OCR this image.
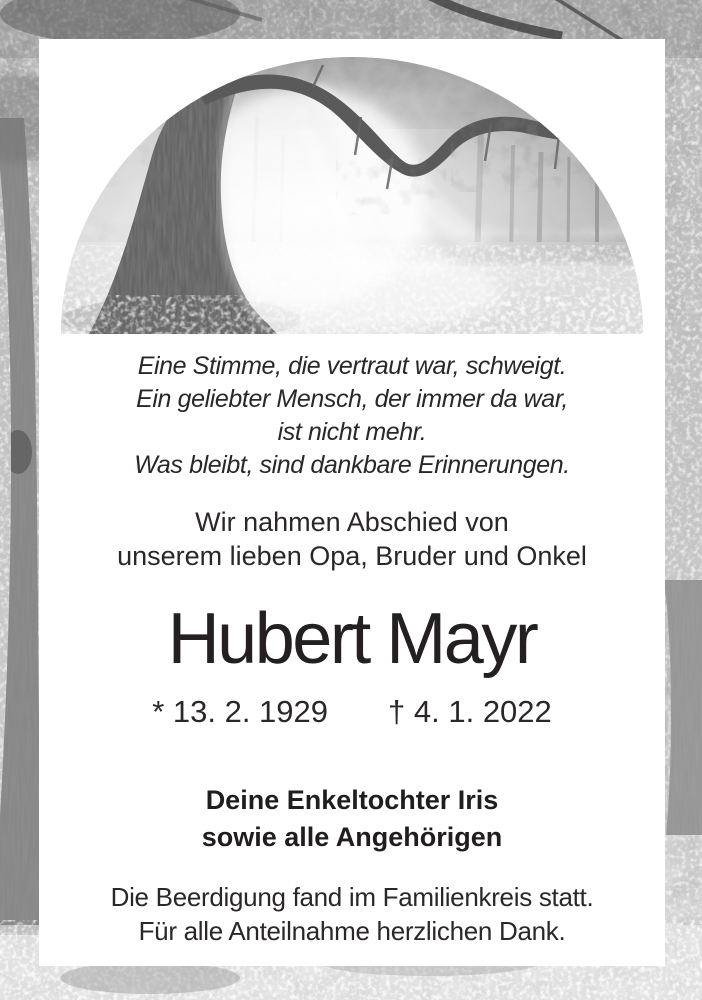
Eine Stimme, die vertraut war, schweigt.
Ein geliebter Mensch, der immer da war,
ist nicht mehr.
Was bleibt, sind dankbare Erinnerungen.
Wir nahmen Abschied von
unserem lieben Opa, Bruder und Onkel
Hubert Mayr
* 13. 2. 1929 † 4. 1. 2022
Deine Enkeltochter Iris
sowie alle Angehörigen
Die Beerdigung fand im Familienkreis statt.
Für alle Anteilnahme herzlichen Dank.
